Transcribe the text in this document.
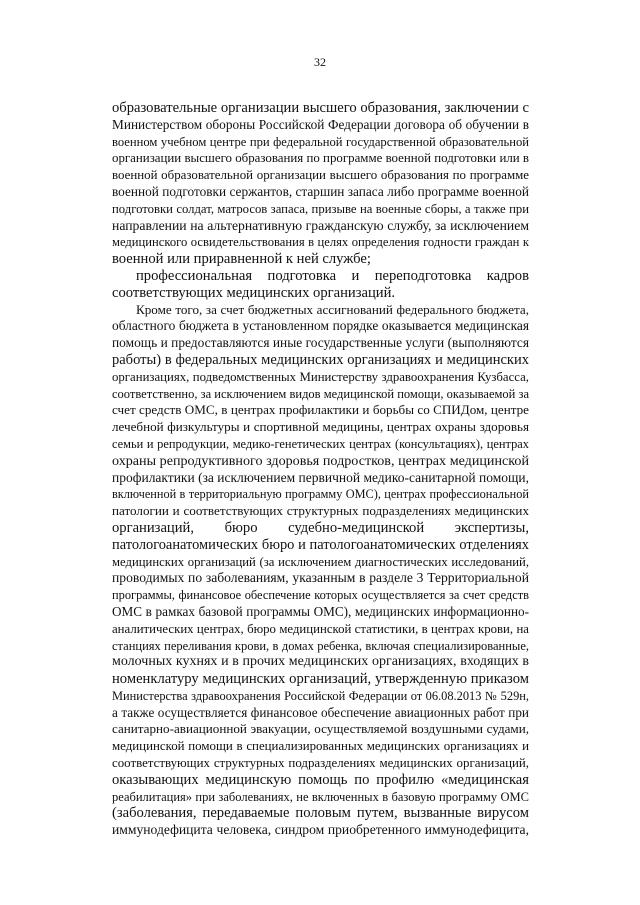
32
образовательные организации высшего образования, заключении с
Министерством обороны Российской Федерации договора об обучении в
военном учебном центре при федеральной государственной образовательной
организации высшего образования по программе военной подготовки или в
военной образовательной организации высшего образования по программе
военной подготовки сержантов, старшин запаса либо программе военной
подготовки солдат, матросов запаса, призыве на военные сборы, а также при
направлении на альтернативную гражданскую службу, за исключением
медицинского освидетельствования в целях определения годности граждан к
военной или приравненной к ней службе;
профессиональная подготовка и переподготовка кадров
соответствующих медицинских организаций.
Кроме того, за счет бюджетных ассигнований федерального бюджета,
областного бюджета в установленном порядке оказывается медицинская
помощь и предоставляются иные государственные услуги (выполняются
работы) в федеральных медицинских организациях и медицинских
организациях, подведомственных Министерству здравоохранения Кузбасса,
соответственно, за исключением видов медицинской помощи, оказываемой за
счет средств ОМС, в центрах профилактики и борьбы со СПИДом, центре
лечебной физкультуры и спортивной медицины, центрах охраны здоровья
семьи и репродукции, медико-генетических центрах (консультациях), центрах
охраны репродуктивного здоровья подростков, центрах медицинской
профилактики (за исключением первичной медико-санитарной помощи,
включенной в территориальную программу ОМС), центрах профессиональной
патологии и соответствующих структурных подразделениях медицинских
организаций, бюро судебно-медицинской экспертизы,
патологоанатомических бюро и патологоанатомических отделениях
медицинских организаций (за исключением диагностических исследований,
проводимых по заболеваниям, указанным в разделе 3 Территориальной
программы, финансовое обеспечение которых осуществляется за счет средств
ОМС в рамках базовой программы ОМС), медицинских информационно-
аналитических центрах, бюро медицинской статистики, в центрах крови, на
станциях переливания крови, в домах ребенка, включая специализированные,
молочных кухнях и в прочих медицинских организациях, входящих в
номенклатуру медицинских организаций, утвержденную приказом
Министерства здравоохранения Российской Федерации от 06.08.2013 № 529н,
а также осуществляется финансовое обеспечение авиационных работ при
санитарно-авиационной эвакуации, осуществляемой воздушными судами,
медицинской помощи в специализированных медицинских организациях и
соответствующих структурных подразделениях медицинских организаций,
оказывающих медицинскую помощь по профилю «медицинская
реабилитация» при заболеваниях, не включенных в базовую программу ОМС
(заболевания, передаваемые половым путем, вызванные вирусом
иммунодефицита человека, синдром приобретенного иммунодефицита,
